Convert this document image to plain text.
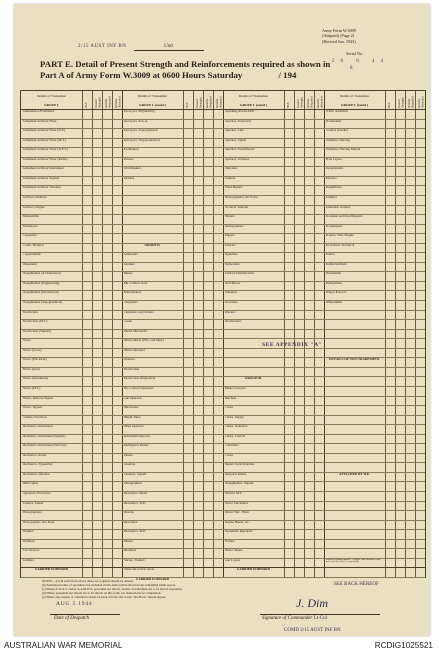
2/15 AUST INF BN	Unit
Army Form W.3009
(Adapted) (Page 2)
(Revised Jun. 1943)
Serial No.
PART E. Detail of Present Strength and Reinforcements required as shown in
Part A of Army Form W.3009 at 0600 Hours Saturday	/ 194
26 6 44
8
Details of Tradesmen
GROUP I.	W.E. Posted Strength Reinfts. Required Reinfts. Attached
Ammunition Examiners
Armament Artificer Fitter
Armament Artificer Fitter (N.F.)
Armament Artificer Fitter (M.T.)
Armament Artificer Fitter (A.F.V.)
Armament Artificer Fitter (Radio)
Armament Artificer Instrument
Armament Artificer Signals
Armament Artificer Wireless
Artificer, Artillery
Artificer, Engine
Blacksmiths
Bricklayers
Carpenters
Cooks, Hospital
Coppersmiths
Dispensers
Draughtsmen (Architectural)
Draughtsmen (Engineering)
Draughtsmen (Mechanical)
Draughtsmen (Topographical)
Electricians
Electricians (M.T.)
Electricians (Signals)
Fitters
Fitters (Cycle)
Fitters (Electrical)
Fitters (Gun)
Fitters (Instrument)
Fitters (M.T.)
Fitters, Railway Signal
Fitters, Signals
Grinder, Precision
Mechanics, Instrument
Mechanics, Instrument (Signals)
Mechanics, Instrument (Surveys)
Mechanics, Radio
Mechanics, Typewriter
Mechanics, Wireless
Millwrights
Operators, Excavator
Painters, Maker
Photographers
Photographic, Wet Plate
Plumber
Plumbers
Saw Doctors
Saddlers
CARRIED FORWARD
Details of Tradesmen
GROUP I. (contd.)	W.E. Posted Strength Reinfts. Required Reinfts. Attached
Surveyors, Engineering
Surveyors, R.A.A.
Surveyors, Topographical
Surveyors, Trigonometrical
Toolmakers
Turners
Watchmakers
Welders
GROUP II.
Armourers
Axemen
Bakers
Bkr. Camel's Asst.
Boilermakers
Carpenters
Carpenters and Joiners
Cooks
Dental Mechanics
Driver-Mech. (Hvy. and Med.)
Driver-Operator
Drainers
Electricians
Electricians (Explosive)
Fire Control Operators
Gun Operator
Hairdresser
Height Taker
Hides Operator
Instrument Operator
Intelligence Duties
Joiners
Lineman
Linemen, Signals
Lithographers
Mechanics, Metal
Mechanics, W.E.
Masons
Motormen
Mechanics, M.E.
Miners
Moulders
Nurses, Trained
Observation Post Assts.
CARRIED FORWARD
Details of Tradesmen
GROUP I. (contd.)	W.E. Posted Strength Reinfts. Required Reinfts. Attached
Operating Room Attdt.
Operator, Keyboard
Operator, Line
Operator, Signal
Operator, Switchboard
Operator, Wireless
Opticians
Painters
Panel Beaters
Photographers, Air Force
Producer Vehicles
Printers
Radiographers
Riggers
Sawyers
Signallers
Signwriters
Sanitary Identification
Well Borers
Wheelers
Stretchers
Riveters
Woodturners
GROUP III.
Bakers Sawyers
Butchers
Cooks
Clerks, Supply
Clerks, Technical
Clerks, Clerical
Concreters
Cooks
Dental Clerk Orderlies
Despatch Riders
Draughtsmen, Signals
Drivers, M.T.
Driver Mechanics
Driver Tptr., Plant
Engine Hands, I.C.
Equipment Repairers
Farriers
Fitters' Mates
Gun Layers
CARRIED FORWARD
Details of Tradesmen
GROUP I. (contd.)	W.E. Posted Strength Reinfts. Required Reinfts. Attached
O.P.O. Assistants
Pioneermen
Loaders (Clerks)
Orderlies, Nursing
Orderlies, Nursing Mental
Plate Layers
Receptionists
Riveters
Roughriders
Saddlers
Sanitation workers
Storemen and Road Repairs
Storekeepers
Stokers, State Engine
Stevedores, Technical
Tailors
Textile Refitters
Timesmiths
Pulleystmen
Wagon Erectors
Whitesmiths
DETAILS OF NON-TRADESMEN.
ATTACHED BY W.E.
Totals of columns marked * to agree with columns 4 and 7, and 5 and 10 of Part A respectively
SEE APPENDIX "A"
NOTES.—(a) In each block above those not required should be deleted.
(b) Authorised ranks of specialists not included in this form will be shown in the remaining blank spaces.
(c) Where A.W.A.S. and/or A.A.M.W.S. personnel are shown, details of tradesmen are to be shown separately.
(d) Where personnel not shown are to be shown on this form, see instructions for completion.
(e) Where any request or variation is made on back of form, the words "See Back" should appear.
SEE BACK HEREOF
AUG 5 1944
Date of Despatch
J. Dim
Signature of Commander Lt-Col
COMD 2/15 AUST INF BN
AUSTRALIAN WAR MEMORIAL	RCDIG1025521
